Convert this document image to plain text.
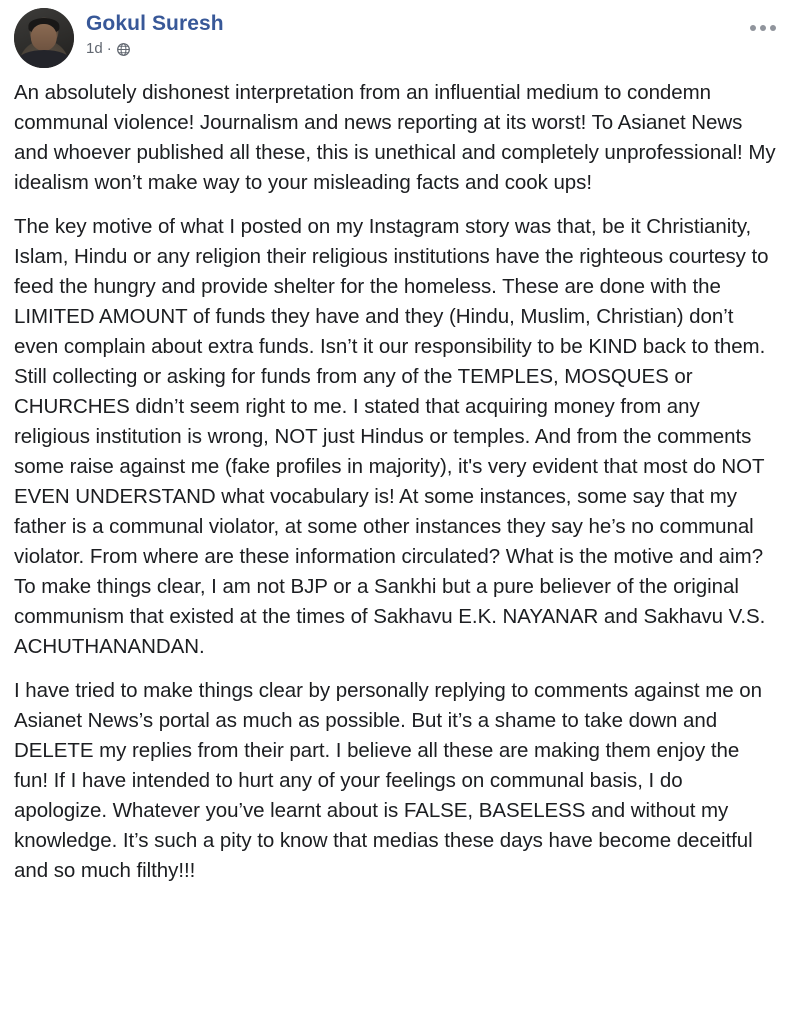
Gokul Suresh
1d ·

An absolutely dishonest interpretation from an influential medium to condemn communal violence! Journalism and news reporting at its worst! To Asianet News and whoever published all these, this is unethical and completely unprofessional! My idealism won’t make way to your misleading facts and cook ups!

The key motive of what I posted on my Instagram story was that, be it Christianity, Islam, Hindu or any religion their religious institutions have the righteous courtesy to feed the hungry and provide shelter for the homeless. These are done with the LIMITED AMOUNT of funds they have and they (Hindu, Muslim, Christian) don’t even complain about extra funds. Isn’t it our responsibility to be KIND back to them. Still collecting or asking for funds from any of the TEMPLES, MOSQUES or CHURCHES didn’t seem right to me. I stated that acquiring money from any religious institution is wrong, NOT just Hindus or temples. And from the comments some raise against me (fake profiles in majority), it's very evident that most do NOT EVEN UNDERSTAND what vocabulary is! At some instances, some say that my father is a communal violator, at some other instances they say he’s no communal violator. From where are these information circulated? What is the motive and aim? To make things clear, I am not BJP or a Sankhi but a pure believer of the original communism that existed at the times of Sakhavu E.K. NAYANAR and Sakhavu V.S. ACHUTHANANDAN.

I have tried to make things clear by personally replying to comments against me on Asianet News’s portal as much as possible. But it’s a shame to take down and DELETE my replies from their part. I believe all these are making them enjoy the fun! If I have intended to hurt any of your feelings on communal basis, I do apologize. Whatever you’ve learnt about is FALSE, BASELESS and without my knowledge. It’s such a pity to know that medias these days have become deceitful and so much filthy!!!
